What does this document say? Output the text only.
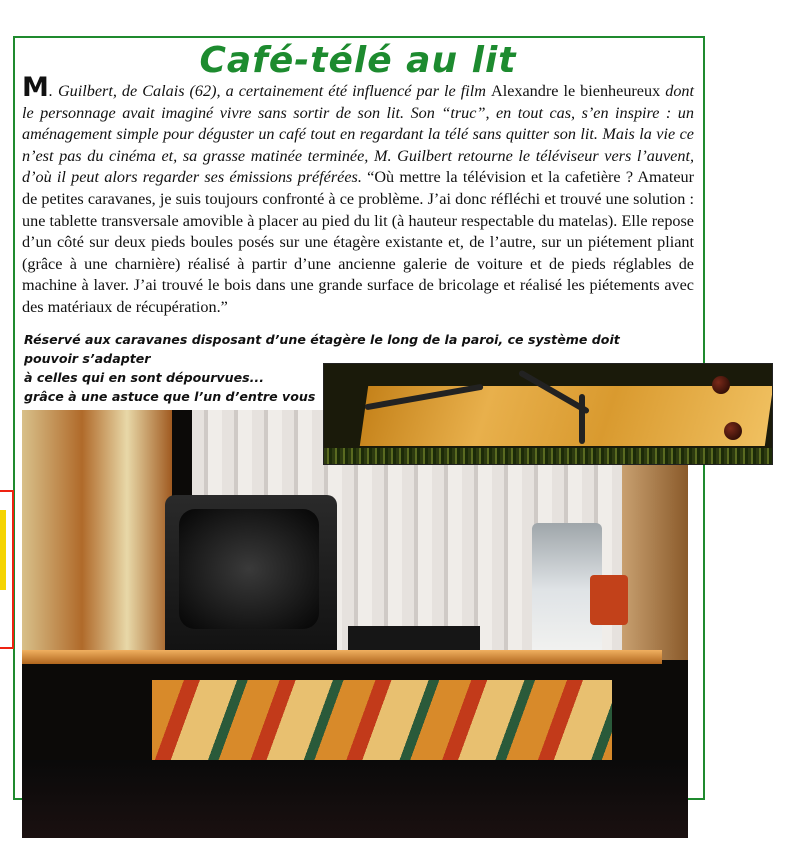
Café-télé au lit
M. Guilbert, de Calais (62), a certainement été influencé par le film Alexandre le bienheureux dont le personnage avait imaginé vivre sans sortir de son lit. Son “truc”, en tout cas, s’en inspire : un aménagement simple pour déguster un café tout en regardant la télé sans quitter son lit. Mais la vie ce n’est pas du cinéma et, sa grasse matinée terminée, M. Guilbert retourne le téléviseur vers l’auvent, d’où il peut alors regarder ses émissions préférées. “Où mettre la télévision et la cafetière ? Amateur de petites caravanes, je suis toujours confronté à ce problème. J’ai donc réfléchi et trouvé une solution : une tablette transversale amovible à placer au pied du lit (à hauteur respectable du matelas). Elle repose d’un côté sur deux pieds boules posés sur une étagère existante et, de l’autre, sur un piétement pliant (grâce à une charnière) réalisé à partir d’une ancienne galerie de voiture et de pieds réglables de machine à laver. J’ai trouvé le bois dans une grande surface de bricolage et réalisé les piétements avec des matériaux de récupération.”
Réservé aux caravanes disposant d’une étagère le long de la paroi, ce système doit pouvoir s’adapter
à celles qui en sont dépourvues...
grâce à une astuce que l’un d’entre vous
